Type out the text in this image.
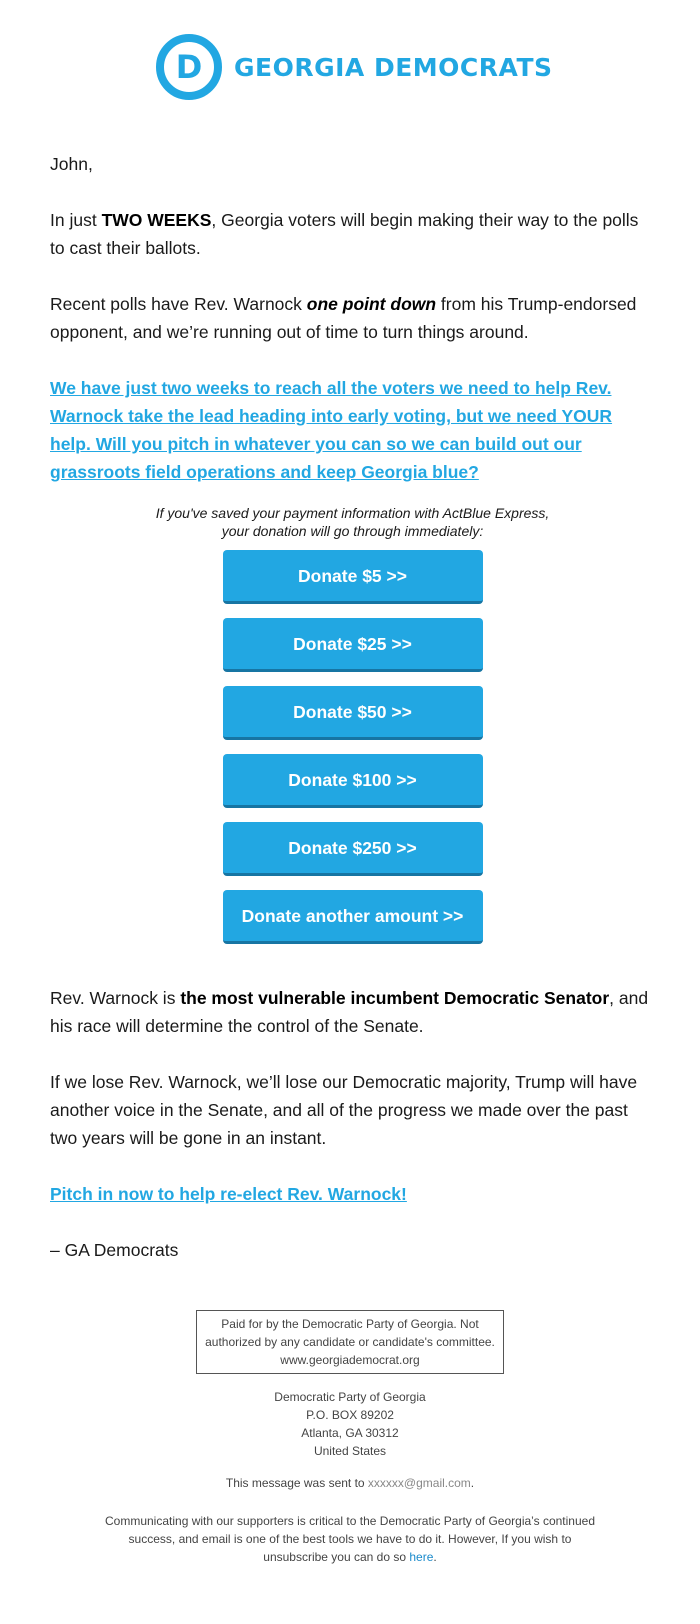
D GEORGIA DEMOCRATS

John,

In just TWO WEEKS, Georgia voters will begin making their way to the polls to cast their ballots.

Recent polls have Rev. Warnock one point down from his Trump-endorsed opponent, and we’re running out of time to turn things around.

We have just two weeks to reach all the voters we need to help Rev. Warnock take the lead heading into early voting, but we need YOUR help. Will you pitch in whatever you can so we can build out our grassroots field operations and keep Georgia blue?

If you've saved your payment information with ActBlue Express,
your donation will go through immediately:
Donate $5 >>
Donate $25 >>
Donate $50 >>
Donate $100 >>
Donate $250 >>
Donate another amount >>

Rev. Warnock is the most vulnerable incumbent Democratic Senator, and his race will determine the control of the Senate.

If we lose Rev. Warnock, we’ll lose our Democratic majority, Trump will have another voice in the Senate, and all of the progress we made over the past two years will be gone in an instant.

Pitch in now to help re-elect Rev. Warnock!

– GA Democrats

Paid for by the Democratic Party of Georgia. Not authorized by any candidate or candidate's committee. www.georgiademocrat.org
Democratic Party of Georgia
P.O. BOX 89202
Atlanta, GA 30312
United States
This message was sent to xxxxxx@gmail.com.
Communicating with our supporters is critical to the Democratic Party of Georgia’s continued success, and email is one of the best tools we have to do it. However, If you wish to unsubscribe you can do so here.
